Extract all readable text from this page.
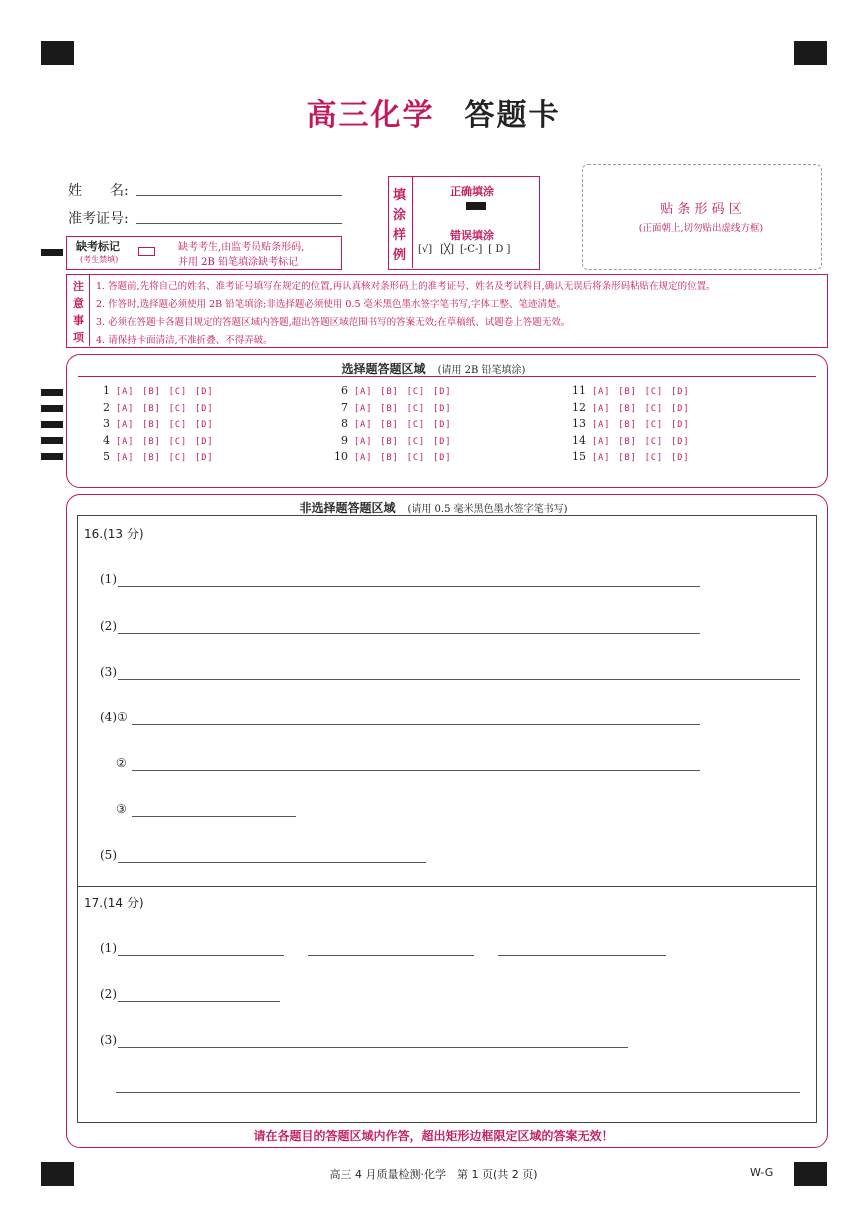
高三化学 答题卡
姓　　名:
准考证号:
缺考标记
(考生禁填)
缺考考生,由监考员贴条形码,
并用 2B 铅笔填涂缺考标记
填
涂
样
例
正确填涂
错误填涂
[√] [╳] [-C-] [ D ]
贴 条 形 码 区
(正面朝上,切勿贴出虚线方框)
注
意
事
项
1. 答题前,先将自己的姓名、准考证号填写在规定的位置,再认真核对条形码上的准考证号、姓名及考试科目,确认无误后将条形码粘贴在规定的位置。
2. 作答时,选择题必须使用 2B 铅笔填涂;非选择题必须使用 0.5 毫米黑色墨水签字笔书写,字体工整、笔迹清楚。
3. 必须在答题卡各题目规定的答题区域内答题,超出答题区域范围书写的答案无效;在草稿纸、试题卷上答题无效。
4. 请保持卡面清洁,不准折叠、不得弄破。
选择题答题区域　 (请用 2B 铅笔填涂)
1 [A] [B] [C] [D]
2 [A] [B] [C] [D]
3 [A] [B] [C] [D]
4 [A] [B] [C] [D]
5 [A] [B] [C] [D]
6 [A] [B] [C] [D]
7 [A] [B] [C] [D]
8 [A] [B] [C] [D]
9 [A] [B] [C] [D]
10 [A] [B] [C] [D]
11 [A] [B] [C] [D]
12 [A] [B] [C] [D]
13 [A] [B] [C] [D]
14 [A] [B] [C] [D]
15 [A] [B] [C] [D]
非选择题答题区域　 (请用 0.5 毫米黑色墨水签字笔书写)
16.(13 分)
(1)
(2)
(3)
(4)①
②
③
(5)
17.(14 分)
(1)
(2)
(3)
请在各题目的答题区域内作答，超出矩形边框限定区域的答案无效！
高三 4 月质量检测·化学　第 1 页(共 2 页)	W-G
